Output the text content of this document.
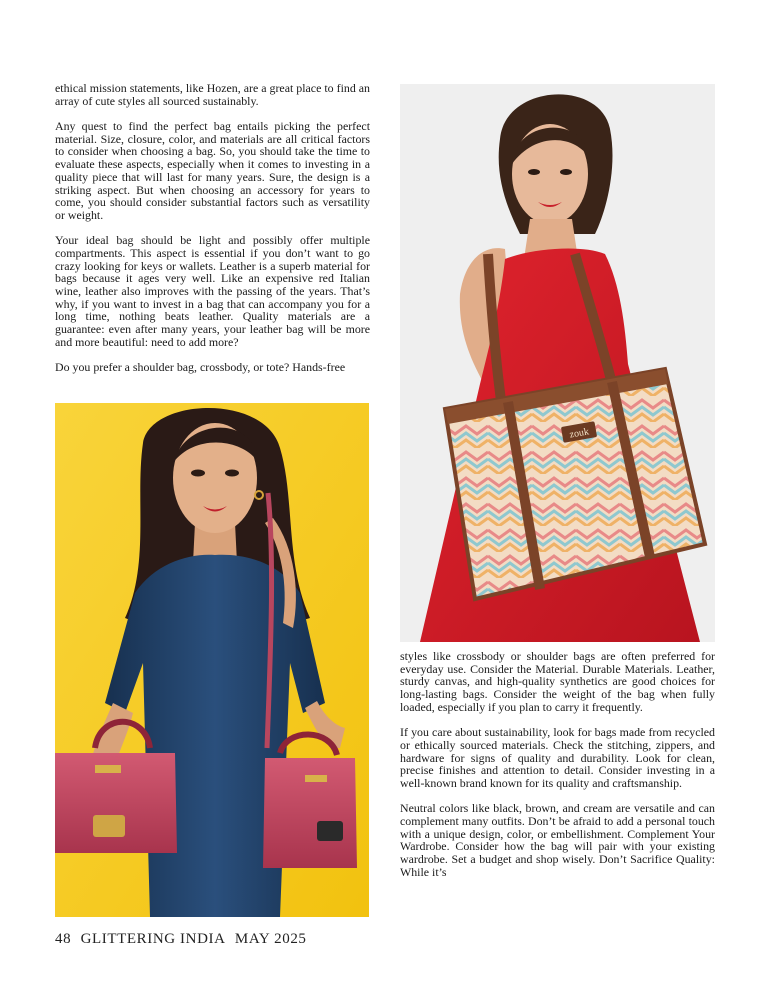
ethical mission statements, like Hozen, are a great place to find an array of cute styles all sourced sustainably.

Any quest to find the perfect bag entails picking the perfect material. Size, closure, color, and materials are all critical factors to consider when choosing a bag. So, you should take the time to evaluate these aspects, especially when it comes to investing in a quality piece that will last for many years. Sure, the design is a striking aspect. But when choosing an accessory for years to come, you should consider substantial factors such as versatility or weight.

Your ideal bag should be light and possibly offer multiple compartments. This aspect is essential if you don’t want to go crazy looking for keys or wallets. Leather is a superb material for bags because it ages very well. Like an expensive red Italian wine, leather also improves with the passing of the years. That’s why, if you want to invest in a bag that can accompany you for a long time, nothing beats leather. Quality materials are a guarantee: even after many years, your leather bag will be more and more beautiful: need to add more?

Do you prefer a shoulder bag, crossbody, or tote? Hands-free

zouk

styles like crossbody or shoulder bags are often preferred for everyday use. Consider the Material. Durable Materials. Leather, sturdy canvas, and high-quality synthetics are good choices for long-lasting bags. Consider the weight of the bag when fully loaded, especially if you plan to carry it frequently.

If you care about sustainability, look for bags made from recycled or ethically sourced materials. Check the stitching, zippers, and hardware for signs of quality and durability. Look for clean, precise finishes and attention to detail. Consider investing in a well-known brand known for its quality and craftsmanship.

Neutral colors like black, brown, and cream are versatile and can complement many outfits. Don’t be afraid to add a personal touch with a unique design, color, or embellishment. Complement Your Wardrobe. Consider how the bag will pair with your existing wardrobe. Set a budget and shop wisely. Don’t Sacrifice Quality: While it’s

48 GLITTERING INDIA MAY 2025
